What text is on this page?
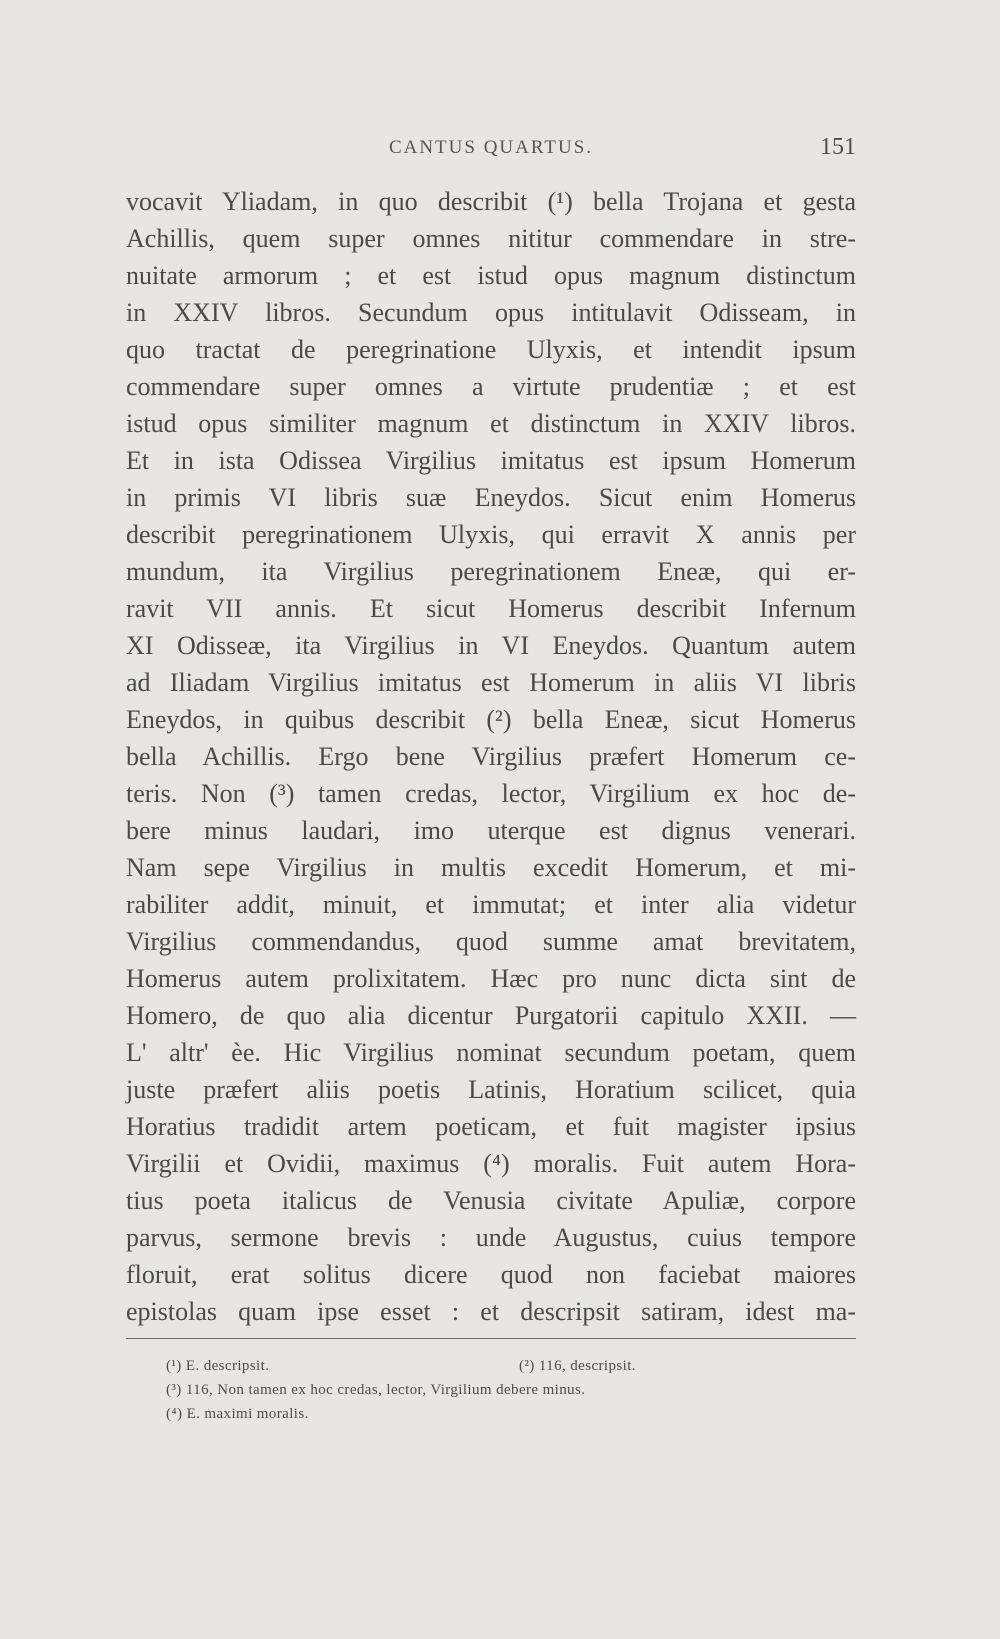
CANTUS QUARTUS.	151
vocavit Yliadam, in quo describit (¹) bella Trojana et gesta
Achillis, quem super omnes nititur commendare in stre-
nuitate armorum ; et est istud opus magnum distinctum
in XXIV libros. Secundum opus intitulavit Odisseam, in
quo tractat de peregrinatione Ulyxis, et intendit ipsum
commendare super omnes a virtute prudentiæ ; et est
istud opus similiter magnum et distinctum in XXIV libros.
Et in ista Odissea Virgilius imitatus est ipsum Homerum
in primis VI libris suæ Eneydos. Sicut enim Homerus
describit peregrinationem Ulyxis, qui erravit X annis per
mundum, ita Virgilius peregrinationem Eneæ, qui er-
ravit VII annis. Et sicut Homerus describit Infernum
XI Odisseæ, ita Virgilius in VI Eneydos. Quantum autem
ad Iliadam Virgilius imitatus est Homerum in aliis VI libris
Eneydos, in quibus describit (²) bella Eneæ, sicut Homerus
bella Achillis. Ergo bene Virgilius præfert Homerum ce-
teris. Non (³) tamen credas, lector, Virgilium ex hoc de-
bere minus laudari, imo uterque est dignus venerari.
Nam sepe Virgilius in multis excedit Homerum, et mi-
rabiliter addit, minuit, et immutat; et inter alia videtur
Virgilius commendandus, quod summe amat brevitatem,
Homerus autem prolixitatem. Hæc pro nunc dicta sint de
Homero, de quo alia dicentur Purgatorii capitulo XXII. —
L' altr' èe. Hic Virgilius nominat secundum poetam, quem
juste præfert aliis poetis Latinis, Horatium scilicet, quia
Horatius tradidit artem poeticam, et fuit magister ipsius
Virgilii et Ovidii, maximus (⁴) moralis. Fuit autem Hora-
tius poeta italicus de Venusia civitate Apuliæ, corpore
parvus, sermone brevis : unde Augustus, cuius tempore
floruit, erat solitus dicere quod non faciebat maiores
epistolas quam ipse esset : et descripsit satiram, idest ma-
(¹) E. descripsit.	(²) 116, descripsit.
(³) 116, Non tamen ex hoc credas, lector, Virgilium debere minus.
(⁴) E. maximi moralis.
